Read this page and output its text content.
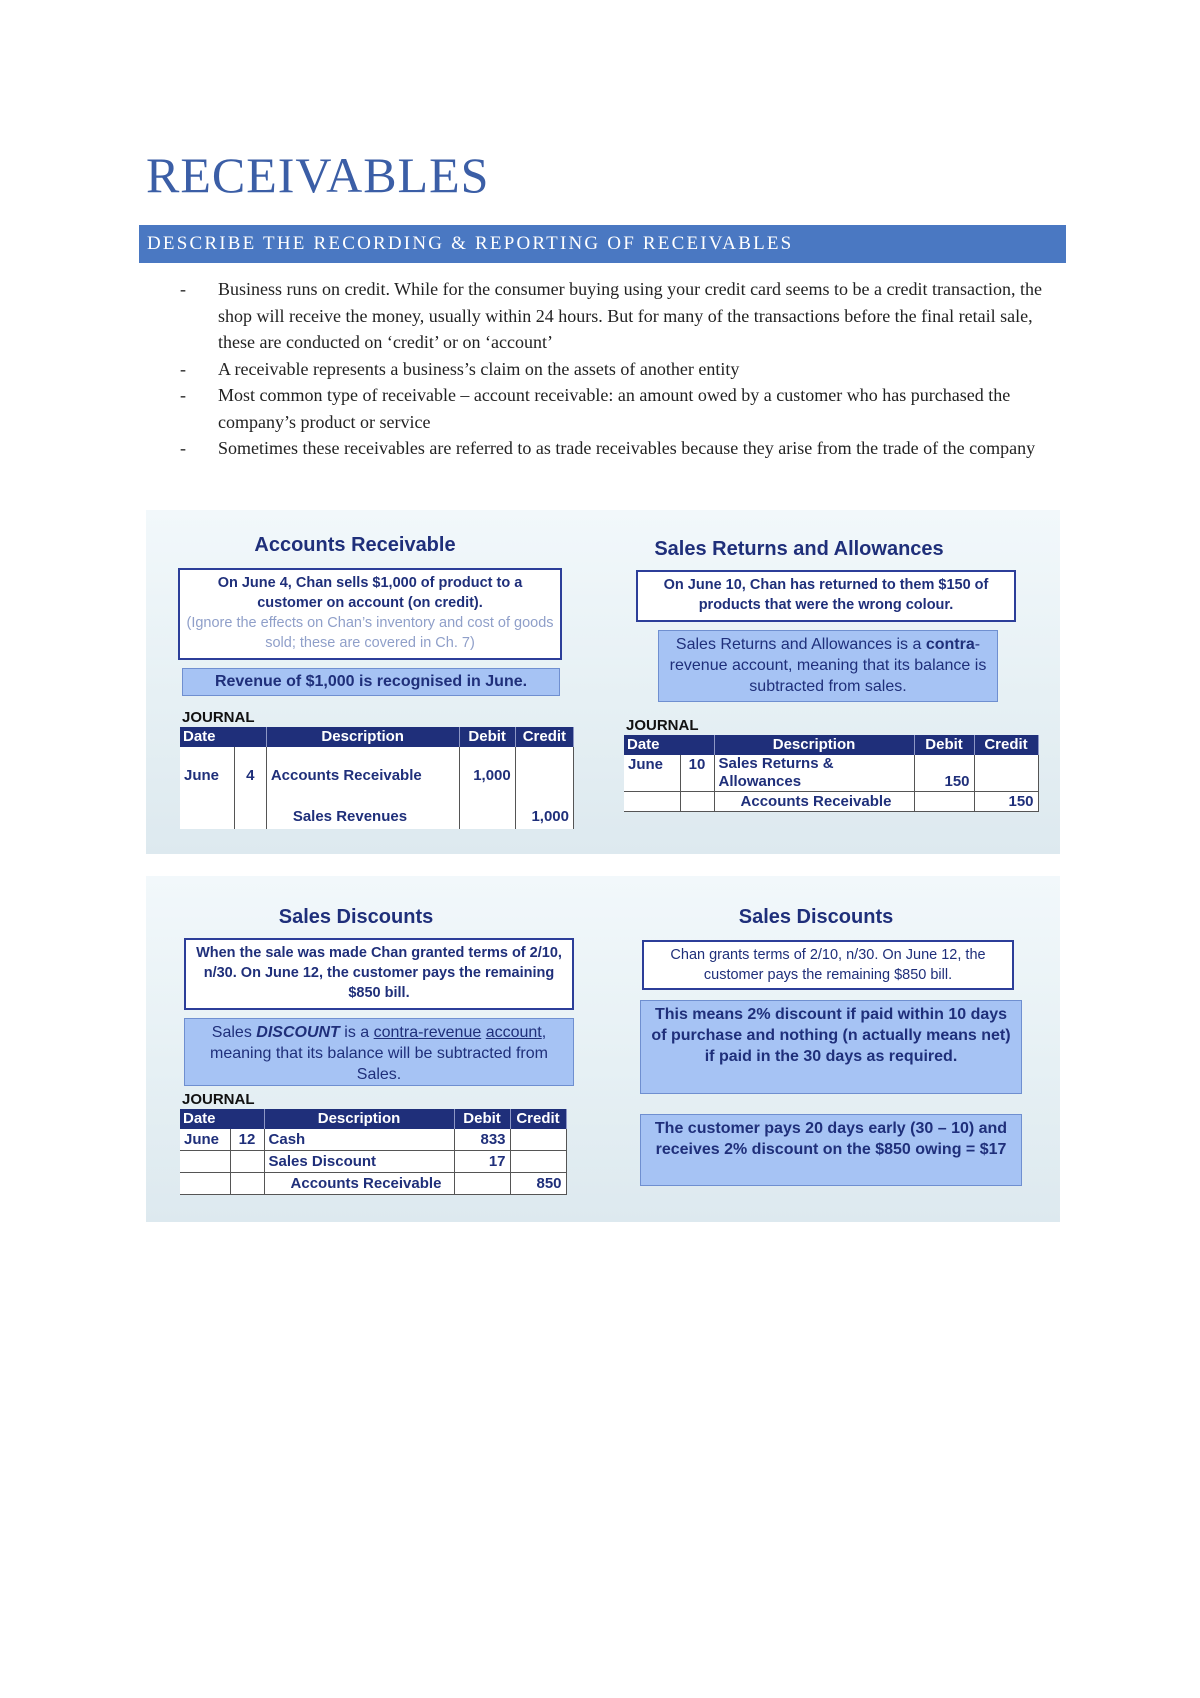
RECEIVABLES
DESCRIBE THE RECORDING & REPORTING OF RECEIVABLES
- Business runs on credit. While for the consumer buying using your credit card seems to be a credit transaction, the shop will receive the money, usually within 24 hours. But for many of the transactions before the final retail sale, these are conducted on ‘credit’ or on ‘account’
- A receivable represents a business’s claim on the assets of another entity
- Most common type of receivable – account receivable: an amount owed by a customer who has purchased the company’s product or service
- Sometimes these receivables are referred to as trade receivables because they arise from the trade of the company
Accounts Receivable
On June 4, Chan sells $1,000 of product to a customer on account (on credit).
(Ignore the effects on Chan’s inventory and cost of goods sold; these are covered in Ch. 7)
Revenue of $1,000 is recognised in June.
JOURNAL
Date		Description	Debit	Credit
June	4	Accounts Receivable	1,000	
		Sales Revenues		1,000
Sales Returns and Allowances
On June 10, Chan has returned to them $150 of products that were the wrong colour.
Sales Returns and Allowances is a contra-revenue account, meaning that its balance is subtracted from sales.
JOURNAL
Date		Description	Debit	Credit
June	10	Sales Returns & Allowances	150	
		Accounts Receivable		150
Sales Discounts
When the sale was made Chan granted terms of 2/10, n/30. On June 12, the customer pays the remaining $850 bill.
Sales DISCOUNT is a contra-revenue account, meaning that its balance will be subtracted from Sales.
JOURNAL
Date		Description	Debit	Credit
June	12	Cash	833	
		Sales Discount	17	
		Accounts Receivable		850
Sales Discounts
Chan grants terms of 2/10, n/30. On June 12, the customer pays the remaining $850 bill.
This means 2% discount if paid within 10 days of purchase and nothing (n actually means net) if paid in the 30 days as required.
The customer pays 20 days early (30 – 10) and receives 2% discount on the $850 owing = $17
